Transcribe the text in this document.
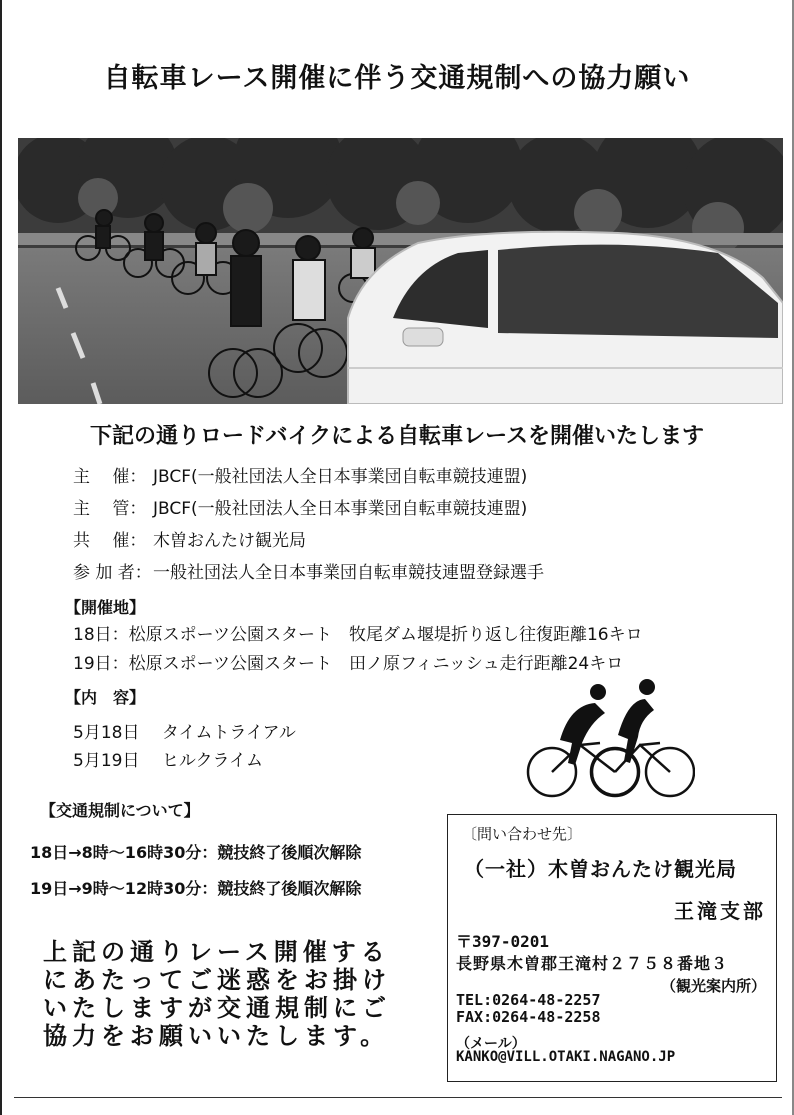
自転車レース開催に伴う交通規制への協力願い
下記の通りロードバイクによる自転車レースを開催いたします
主　 催： JBCF(一般社団法人全日本事業団自転車競技連盟)
主　 管： JBCF(一般社団法人全日本事業団自転車競技連盟)
共　 催： 木曽おんたけ観光局
参 加 者： 一般社団法人全日本事業団自転車競技連盟登録選手
【開催地】
18日：松原スポーツ公園スタート　牧尾ダム堰堤折り返し往復距離16キロ
19日：松原スポーツ公園スタート　田ノ原フィニッシュ走行距離24キロ
【内　容】
5月18日　 タイムトライアル
5月19日　 ヒルクライム
【交通規制について】
18日→8時～16時30分：競技終了後順次解除
19日→9時～12時30分：競技終了後順次解除
上記の通りレース開催する
にあたってご迷惑をお掛け
いたしますが交通規制にご
協力をお願いいたします。
〔問い合わせ先〕
（一社）木曽おんたけ観光局
王滝支部
〒397-0201
長野県木曽郡王滝村２７５８番地３
（観光案内所）
TEL:0264-48-2257
FAX:0264-48-2258
（メール）
KANKO@VILL.OTAKI.NAGANO.JP
